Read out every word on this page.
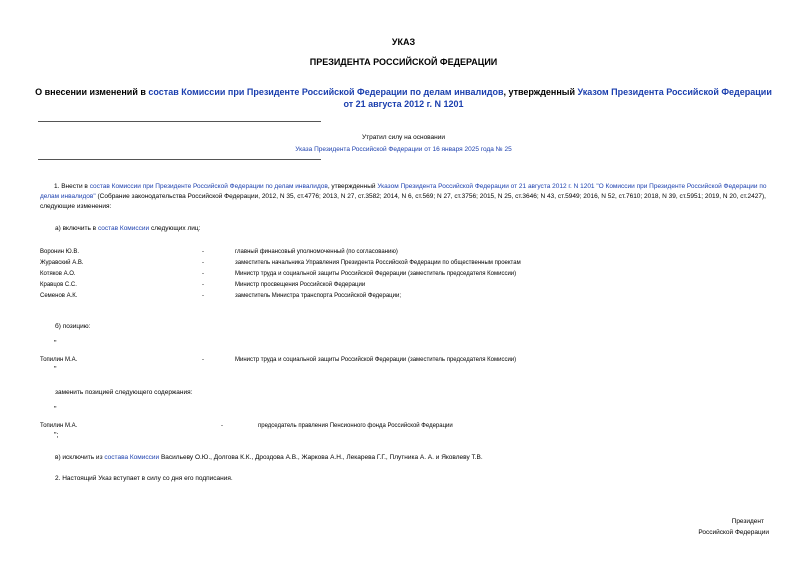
УКАЗ
ПРЕЗИДЕНТА РОССИЙСКОЙ ФЕДЕРАЦИИ
О внесении изменений в состав Комиссии при Президенте Российской Федерации по делам инвалидов, утвержденный Указом Президента Российской Федерации от 21 августа 2012 г. N 1201
Утратил силу на основании
Указа Президента Российской Федерации от 16 января 2025 года № 25
1. Внести в состав Комиссии при Президенте Российской Федерации по делам инвалидов, утвержденный Указом Президента Российской Федерации от 21 августа 2012 г. N 1201 "О Комиссии при Президенте Российской Федерации по делам инвалидов" (Собрание законодательства Российской Федерации, 2012, N 35, ст.4776; 2013, N 27, ст.3582; 2014, N 6, ст.569; N 27, ст.3756; 2015, N 25, ст.3646; N 43, ст.5949; 2016, N 52, ст.7610; 2018, N 39, ст.5951; 2019, N 20, ст.2427), следующие изменения:
а) включить в состав Комиссии следующих лиц:
Воронин Ю.В.	-	главный финансовый уполномоченный (по согласованию)
Журавский А.В.	-	заместитель начальника Управления Президента Российской Федерации по общественным проектам
Котяков А.О.	-	Министр труда и социальной защиты Российской Федерации (заместитель председателя Комиссии)
Кравцов С.С.	-	Министр просвещения Российской Федерации
Семенов А.К.	-	заместитель Министра транспорта Российской Федерации;
б) позицию:
"
Топилин М.А.	-	Министр труда и социальной защиты Российской Федерации (заместитель председателя Комиссии)
"
заменить позицией следующего содержания:
"
Топилин М.А.	-	председатель правления Пенсионного фонда Российской Федерации
";
в) исключить из состава Комиссии Васильеву О.Ю., Долгова К.К., Дроздова А.В., Жаркова А.Н., Лекарева Г.Г., Плутника А. А. и Яковлеву Т.В.
2. Настоящий Указ вступает в силу со дня его подписания.
Президент
Российской Федерации
